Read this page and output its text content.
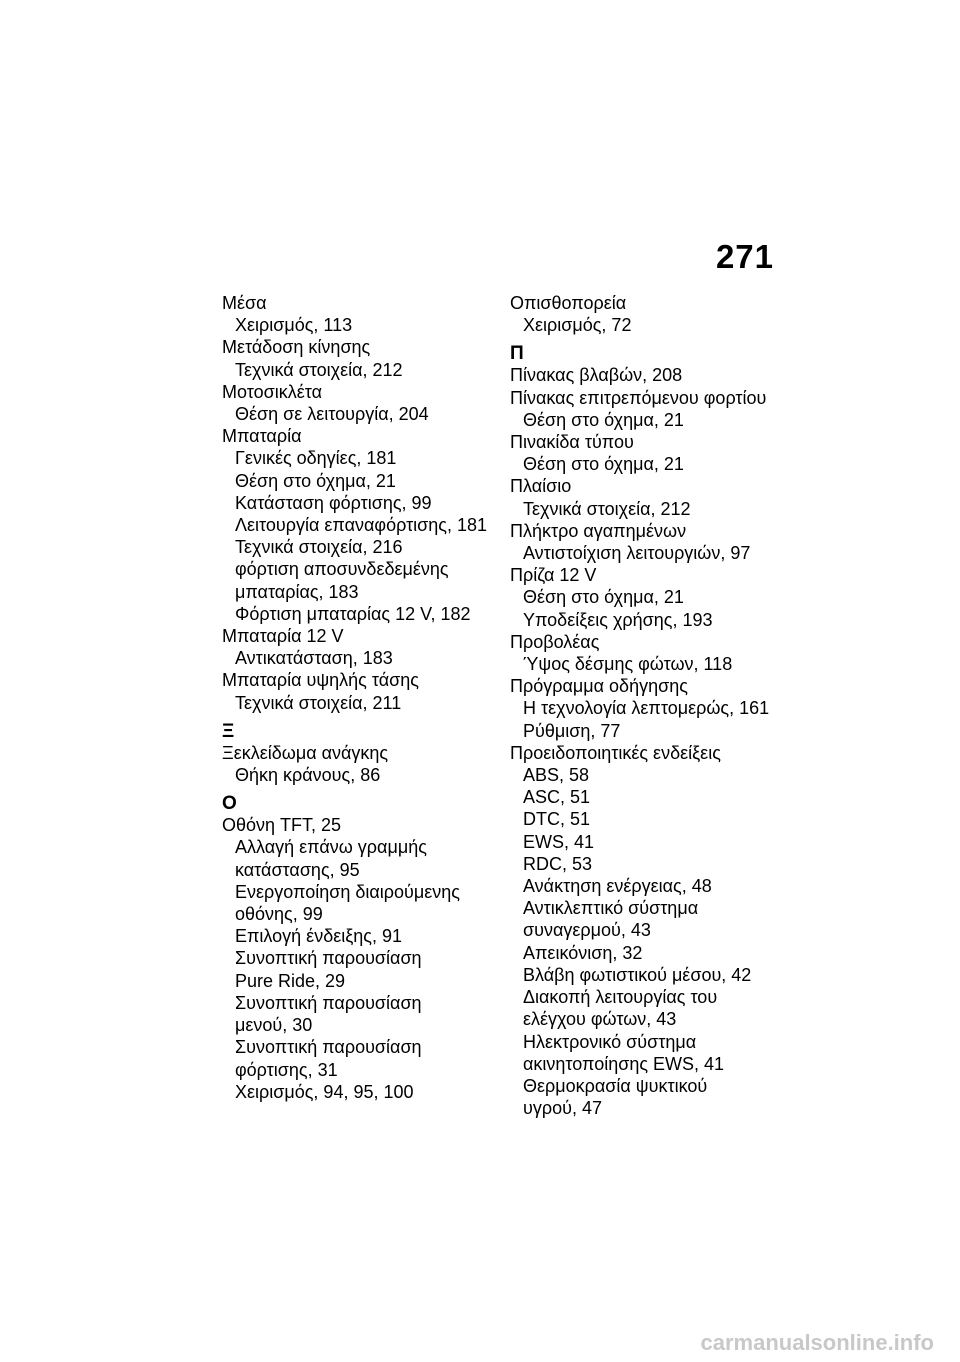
271
Μέσα
Χειρισμός, 113
Μετάδοση κίνησης
Τεχνικά στοιχεία, 212
Μοτοσικλέτα
Θέση σε λειτουργία, 204
Μπαταρία
Γενικές οδηγίες, 181
Θέση στο όχημα, 21
Κατάσταση φόρτισης, 99
Λειτουργία επαναφόρτισης, 181
Τεχνικά στοιχεία, 216
φόρτιση αποσυνδεδεμένης
μπαταρίας, 183
Φόρτιση μπαταρίας 12 V, 182
Μπαταρία 12 V
Αντικατάσταση, 183
Μπαταρία υψηλής τάσης
Τεχνικά στοιχεία, 211
Ξ
Ξεκλείδωμα ανάγκης
Θήκη κράνους, 86
Ο
Οθόνη TFT, 25
Αλλαγή επάνω γραμμής
κατάστασης, 95
Ενεργοποίηση διαιρούμενης
οθόνης, 99
Επιλογή ένδειξης, 91
Συνοπτική παρουσίαση
Pure Ride, 29
Συνοπτική παρουσίαση
μενού, 30
Συνοπτική παρουσίαση
φόρτισης, 31
Χειρισμός, 94, 95, 100
Οπισθοπορεία
Χειρισμός, 72
Π
Πίνακας βλαβών, 208
Πίνακας επιτρεπόμενου φορτίου
Θέση στο όχημα, 21
Πινακίδα τύπου
Θέση στο όχημα, 21
Πλαίσιο
Τεχνικά στοιχεία, 212
Πλήκτρο αγαπημένων
Αντιστοίχιση λειτουργιών, 97
Πρίζα 12 V
Θέση στο όχημα, 21
Υποδείξεις χρήσης, 193
Προβολέας
Ύψος δέσμης φώτων, 118
Πρόγραμμα οδήγησης
Η τεχνολογία λεπτομερώς, 161
Ρύθμιση, 77
Προειδοποιητικές ενδείξεις
ABS, 58
ASC, 51
DTC, 51
EWS, 41
RDC, 53
Ανάκτηση ενέργειας, 48
Αντικλεπτικό σύστημα
συναγερμού, 43
Απεικόνιση, 32
Βλάβη φωτιστικού μέσου, 42
Διακοπή λειτουργίας του
ελέγχου φώτων, 43
Ηλεκτρονικό σύστημα
ακινητοποίησης EWS, 41
Θερμοκρασία ψυκτικού
υγρού, 47
carmanualsonline.info
